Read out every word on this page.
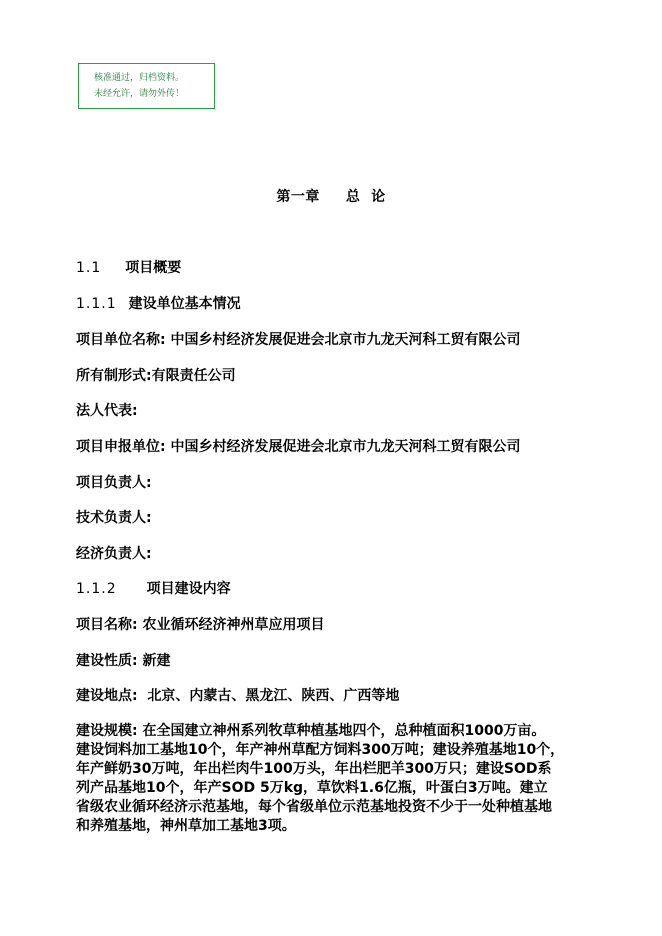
核准通过，归档资料。
未经允许，请勿外传！
第一章 总  论
1.1 项目概要
1.1.1 建设单位基本情况
项目单位名称: 中国乡村经济发展促进会北京市九龙天河科工贸有限公司
所有制形式:有限责任公司
法人代表:
项目申报单位: 中国乡村经济发展促进会北京市九龙天河科工贸有限公司
项目负责人:
技术负责人:
经济负责人:
1.1.2 项目建设内容
项目名称: 农业循环经济神州草应用项目
建设性质: 新建
建设地点:  北京、内蒙古、黑龙江、陕西、广西等地
建设规模: 在全国建立神州系列牧草种植基地四个，总种植面积1000万亩。
建设饲料加工基地10个，年产神州草配方饲料300万吨；建设养殖基地10个，
年产鲜奶30万吨，年出栏肉牛100万头，年出栏肥羊300万只；建设SOD系
列产品基地10个，年产SOD 5万kg，草饮料1.6亿瓶，叶蛋白3万吨。建立
省级农业循环经济示范基地，每个省级单位示范基地投资不少于一处种植基地
和养殖基地，神州草加工基地3项。
